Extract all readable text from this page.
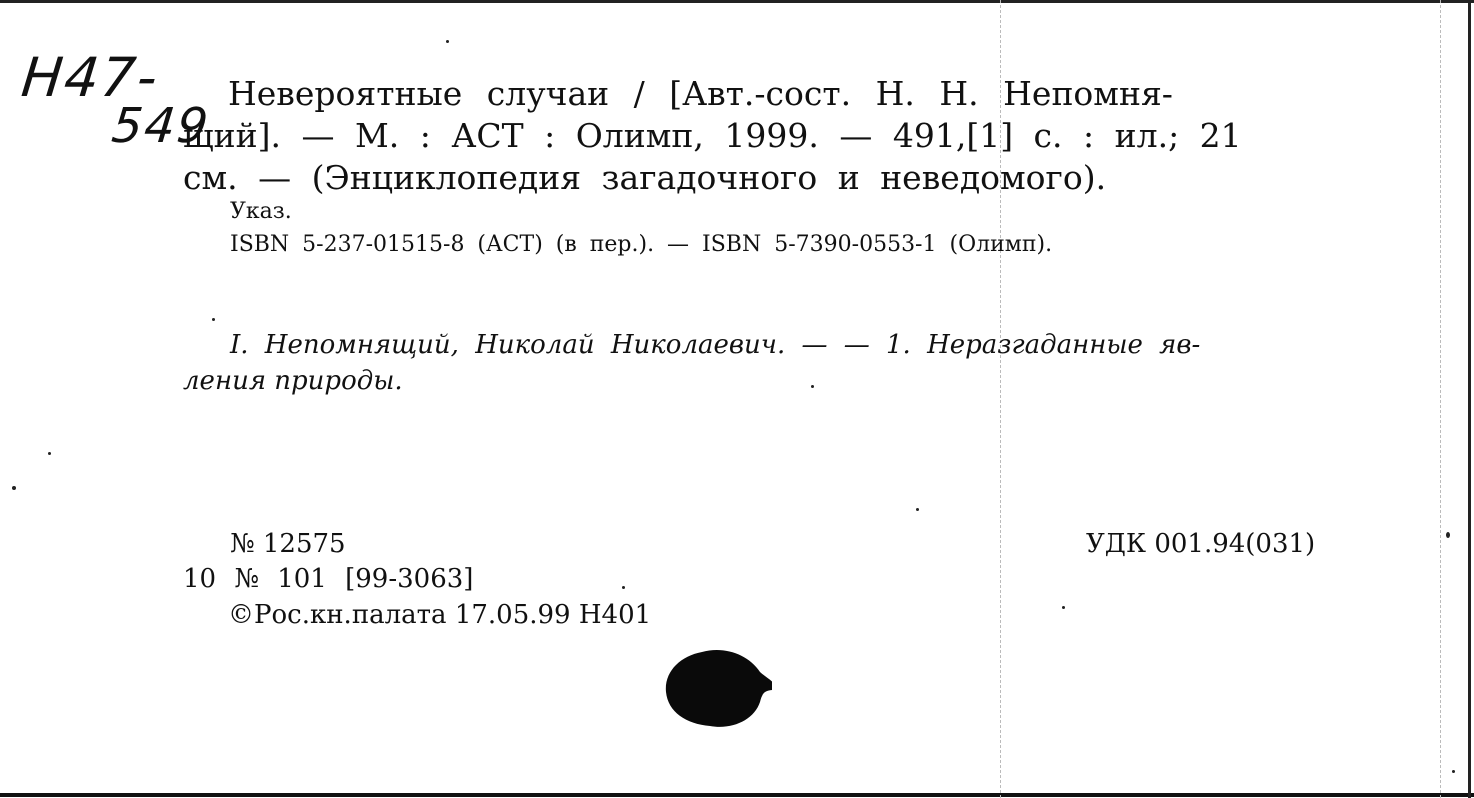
Н47-
549
Невероятные случаи / [Авт.-сост. Н. Н. Непомня-
щий]. — М. : АСТ : Олимп, 1999. — 491,[1] с. : ил.; 21
см. — (Энциклопедия загадочного и неведомого).
Указ.
ISBN 5-237-01515-8 (АСТ) (в пер.). — ISBN 5-7390-0553-1 (Олимп).
I. Непомнящий, Николай Николаевич. — — 1. Неразгаданные яв-
ления природы.
№ 12575
10 № 101 [99-3063]
©Рос.кн.палата 17.05.99 Н401
УДК 001.94(031)
